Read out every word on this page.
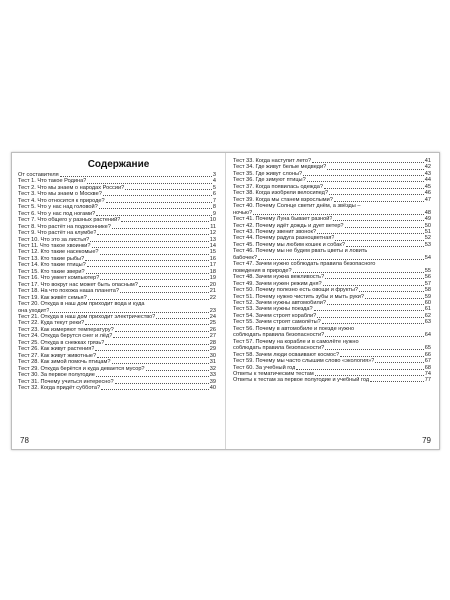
Содержание
От составителя	3
Тест 1. Что такое Родина?	4
Тест 2. Что мы знаем о народах России?	5
Тест 3. Что мы знаем о Москве?	6
Тест 4. Что относится к природе?	7
Тест 5. Что у нас над головой?	8
Тест 6. Что у нас под ногами?	9
Тест 7. Что общего у разных растений?	10
Тест 8. Что растёт на подоконнике?	11
Тест 9. Что растёт на клумбе?	12
Тест 10. Что это за листья?	13
Тест 11. Что такое хвоинки?	14
Тест 12. Кто такие насекомые?	15
Тест 13. Кто такие рыбы?	16
Тест 14. Кто такие птицы?	17
Тест 15. Кто такие звери?	18
Тест 16. Что умеет компьютер?	19
Тест 17. Что вокруг нас может быть опасным?	20
Тест 18. На что похожа наша планета?	21
Тест 19. Как живёт семья?	22
Тест 20. Откуда в наш дом приходит вода и куда
она уходит?	23
Тест 21. Откуда в наш дом приходит электричество?	24
Тест 22. Куда текут реки?	25
Тест 23. Как измеряют температуру?	26
Тест 24. Откуда берутся снег и лёд?	27
Тест 25. Откуда в снежках грязь?	28
Тест 26. Как живут растения?	29
Тест 27. Как живут животные?	30
Тест 28. Как зимой помочь птицам?	31
Тест 29. Откуда берётся и куда девается мусор?	32
Тест 30. За первое полугодие	33
Тест 31. Почему учиться интересно?	39
Тест 32. Когда придёт суббота?	40
78
Тест 33. Когда наступит лето?	41
Тест 34. Где живут белые медведи?	42
Тест 35. Где живут слоны?	43
Тест 36. Где зимуют птицы?	44
Тест 37. Когда появилась одежда?	45
Тест 38. Когда изобрели велосипед?	46
Тест 39. Когда мы станем взрослыми?	47
Тест 40. Почему Солнце светит днём, а звёзды –
ночью?	48
Тест 41. Почему Луна бывает разной?	49
Тест 42. Почему идёт дождь и дует ветер?	50
Тест 43. Почему звенит звонок?	51
Тест 44. Почему радуга разноцветная?	52
Тест 45. Почему мы любим кошек и собак?	53
Тест 46. Почему мы не будем рвать цветы и ловить
бабочек?	54
Тест 47. Зачем нужно соблюдать правила безопасного
поведения в природе?	55
Тест 48. Зачем нужна вежливость?	56
Тест 49. Зачем нужен режим дня?	57
Тест 50. Почему полезно есть овощи и фрукты?	58
Тест 51. Почему нужно чистить зубы и мыть руки?	59
Тест 52. Зачем нужны автомобили?	60
Тест 53. Зачем нужны поезда?	61
Тест 54. Зачем строят корабли?	62
Тест 55. Зачем строят самолёты?	63
Тест 56. Почему в автомобиле и поезде нужно
соблюдать правила безопасности?	64
Тест 57. Почему на корабле и в самолёте нужно
соблюдать правила безопасности?	65
Тест 58. Зачем люди осваивают космос?	66
Тест 59. Почему мы часто слышим слово «экология»?	67
Тест 60. За учебный год	68
Ответы к тематическим тестам	74
Ответы к тестам за первое полугодие и учебный год	77
79
